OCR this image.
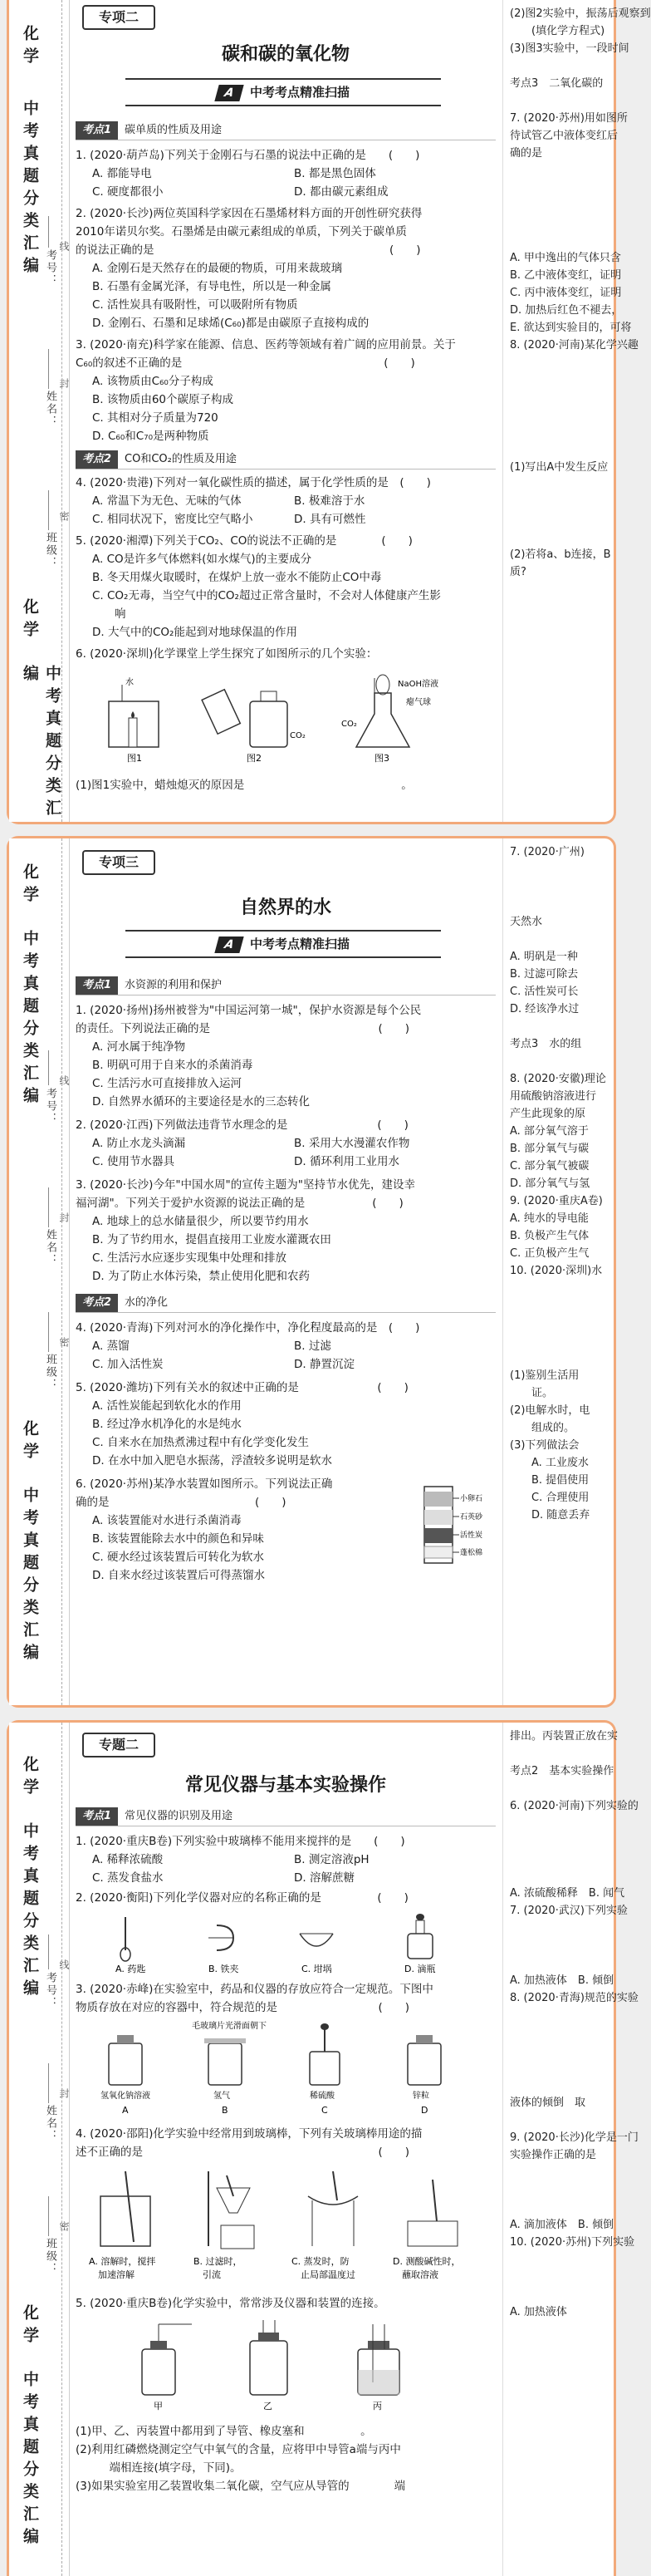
化学
中考真题分类汇编 考号：
姓名：
班级：
化学
中考真题分类汇编
线
封
密
专项二
碳和碳的氧化物
A 中考考点精准扫描
考点1 碳单质的性质及用途

1. (2020·葫芦岛)下列关于金刚石与石墨的说法中正确的是　　(　　)

A. 都能导电	B. 都是黑色固体

C. 硬度都很小	D. 都由碳元素组成

2. (2020·长沙)两位英国科学家因在石墨烯材料方面的开创性研究获得

2010年诺贝尔奖。石墨烯是由碳元素组成的单质，下列关于碳单质

的说法正确的是　　　　　　　　　　　　　　　　　　　　　(　　)

A. 金刚石是天然存在的最硬的物质，可用来裁玻璃

B. 石墨有金属光泽，有导电性，所以是一种金属

C. 活性炭具有吸附性，可以吸附所有物质

D. 金刚石、石墨和足球烯(C₆₀)都是由碳原子直接构成的

3. (2020·南充)科学家在能源、信息、医药等领域有着广阔的应用前景。关于

C₆₀的叙述不正确的是　　　　　　　　　　　　　　　　　　(　　)

A. 该物质由C₆₀分子构成

B. 该物质由60个碳原子构成

C. 其相对分子质量为720

D. C₆₀和C₇₀是两种物质

考点2 CO和CO₂的性质及用途

4. (2020·贵港)下列对一氧化碳性质的描述，属于化学性质的是　(　　)

A. 常温下为无色、无味的气体	B. 极难溶于水

C. 相同状况下，密度比空气略小	D. 具有可燃性

5. (2020·湘潭)下列关于CO₂、CO的说法不正确的是　　　　(　　)

A. CO是许多气体燃料(如水煤气)的主要成分

B. 冬天用煤火取暖时，在煤炉上放一壶水不能防止CO中毒

C. CO₂无毒，当空气中的CO₂超过正常含量时，不会对人体健康产生影

　　响

D. 大气中的CO₂能起到对地球保温的作用

6. (2020·深圳)化学课堂上学生探究了如图所示的几个实验：

水
图1
CO₂
图2
NaOH溶液
瘪气球
CO₂
图3

(1)图1实验中，蜡烛熄灭的原因是　　　　　　　　　　　　　　。

(2)图2实验中，振荡后观察到
　　(填化学方程式)
(3)图3实验中，一段时间

考点3　二氧化碳的

7. (2020·苏州)用如图所
待试管乙中液体变红后
确的是

A. 甲中逸出的气体只含
B. 乙中液体变红，证明
C. 丙中液体变红，证明
D. 加热后红色不褪去，
E. 欲达到实验目的，可将
8. (2020·河南)某化学兴趣

(1)写出A中发生反应

(2)若将a、b连接，B
质?
化学
中考真题分类汇编 考号：
姓名：
班级：
化学
中考真题分类汇编
线
封
密
专项三
自然界的水
A 中考考点精准扫描
考点1 水资源的利用和保护

1. (2020·扬州)扬州被誉为"中国运河第一城"，保护水资源是每个公民

的责任。下列说法正确的是　　　　　　　　　　　　　　　(　　)

A. 河水属于纯净物

B. 明矾可用于自来水的杀菌消毒

C. 生活污水可直接排放入运河

D. 自然界水循环的主要途径是水的三态转化

2. (2020·江西)下列做法违背节水理念的是　　　　　　　　(　　)

A. 防止水龙头滴漏	B. 采用大水漫灌农作物

C. 使用节水器具	D. 循环利用工业用水

3. (2020·长沙)今年"中国水周"的宣传主题为"坚持节水优先，建设幸

福河湖"。下列关于爱护水资源的说法正确的是　　　　　　(　　)

A. 地球上的总水储量很少，所以要节约用水

B. 为了节约用水，提倡直接用工业废水灌溉农田

C. 生活污水应逐步实现集中处理和排放

D. 为了防止水体污染，禁止使用化肥和农药

考点2 水的净化

4. (2020·青海)下列对河水的净化操作中，净化程度最高的是　(　　)

A. 蒸馏	B. 过滤

C. 加入活性炭	D. 静置沉淀

5. (2020·潍坊)下列有关水的叙述中正确的是　　　　　　　(　　)

A. 活性炭能起到软化水的作用

B. 经过净水机净化的水是纯水

C. 自来水在加热煮沸过程中有化学变化发生

D. 在水中加入肥皂水振荡，浮渣较多说明是软水

6. (2020·苏州)某净水装置如图所示。下列说法正确

确的是　　　　　　　　　　　　　(　　)

A. 该装置能对水进行杀菌消毒

B. 该装置能除去水中的颜色和异味

C. 硬水经过该装置后可转化为软水

D. 自来水经过该装置后可得蒸馏水

小卵石
石英砂
活性炭
蓬松棉
7. (2020·广州)

天然水

A. 明矾是一种
B. 过滤可除去
C. 活性炭可长
D. 经该净水过

考点3　水的组

8. (2020·安徽)理论
用硫酸钠溶液进行
产生此现象的原
A. 部分氧气溶于
B. 部分氧气与碳
C. 部分氧气被碳
D. 部分氧气与氢
9. (2020·重庆A卷)
A. 纯水的导电能
B. 负极产生气体
C. 正负极产生气
10. (2020·深圳)水

(1)鉴别生活用
　　证。
(2)电解水时，电
　　组成的。
(3)下列做法会
　　A. 工业废水
　　B. 提倡使用
　　C. 合理使用
　　D. 随意丢弃
化学
中考真题分类汇编 考号：
姓名：
班级：
化学
中考真题分类汇编
线
封
密
专题二
常见仪器与基本实验操作
考点1 常见仪器的识别及用途

1. (2020·重庆B卷)下列实验中玻璃棒不能用来搅拌的是　　(　　)

A. 稀释浓硫酸	B. 测定溶液pH

C. 蒸发食盐水	D. 溶解蔗糖

2. (2020·衡阳)下列化学仪器对应的名称正确的是　　　　　(　　)

A. 药匙	B. 铁夹	C. 坩埚	D. 滴瓶

3. (2020·赤峰)在实验室中，药品和仪器的存放应符合一定规范。下图中

物质存放在对应的容器中，符合规范的是　　　　　　　　　(　　)

毛玻璃片光滑面朝下
氢氧化钠溶液	氢气	稀硫酸	锌粒
A	B	C	D

4. (2020·邵阳)化学实验中经常用到玻璃棒，下列有关玻璃棒用途的描

述不正确的是　　　　　　　　　　　　　　　　　　　　　(　　)

A. 溶解时，搅拌
　加速溶解
B. 过滤时，
　引流
C. 蒸发时，防
　止局部温度过
D. 测酸碱性时，
　蘸取溶液

5. (2020·重庆B卷)化学实验中，常常涉及仪器和装置的连接。

甲	乙	丙

(1)甲、乙、丙装置中都用到了导管、橡皮塞和　　　　　。

(2)利用红磷燃烧测定空气中氧气的含量，应将甲中导管a端与丙中

　　　端相连接(填字母，下同)。

(3)如果实验室用乙装置收集二氧化碳，空气应从导管的　　　　端

排出。丙装置正放在实

考点2　基本实验操作

6. (2020·河南)下列实验的

A. 浓硫酸稀释　B. 闻气
7. (2020·武汉)下列实验

A. 加热液体　B. 倾倒
8. (2020·青海)规范的实验

液体的倾倒　取

9. (2020·长沙)化学是一门
实验操作正确的是

A. 滴加液体　B. 倾倒
10. (2020·苏州)下列实验

A. 加热液体
